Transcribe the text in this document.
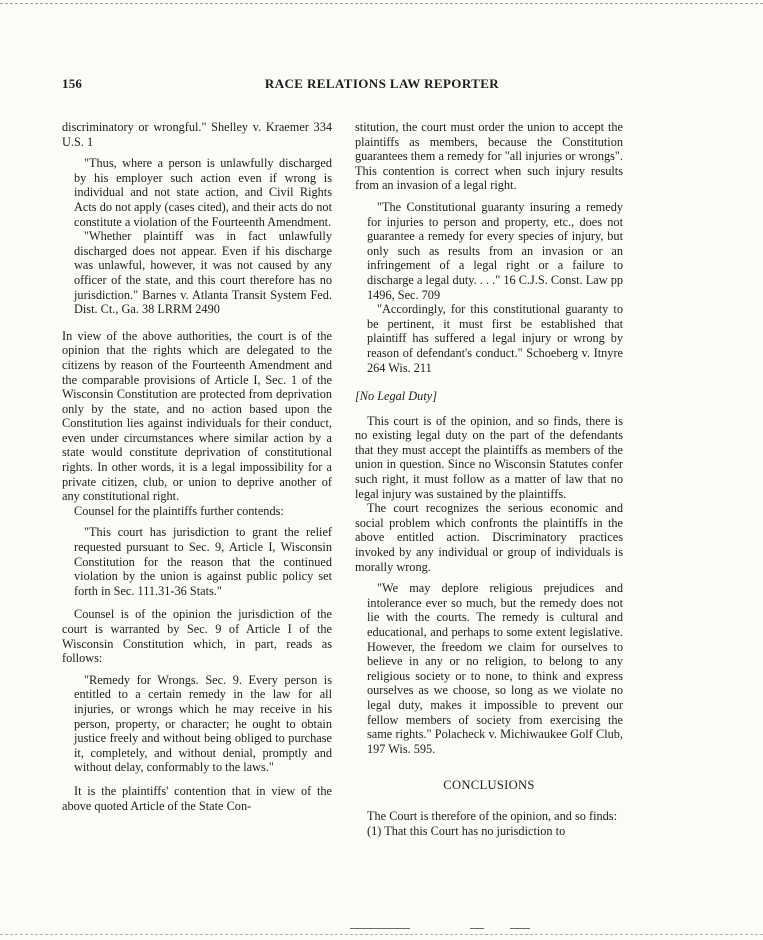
156	RACE RELATIONS LAW REPORTER

discriminatory or wrongful." Shelley v. Kraemer 334 U.S. 1

"Thus, where a person is unlawfully discharged by his employer such action even if wrong is individual and not state action, and Civil Rights Acts do not apply (cases cited), and their acts do not constitute a violation of the Fourteenth Amendment.

"Whether plaintiff was in fact unlawfully discharged does not appear. Even if his discharge was unlawful, however, it was not caused by any officer of the state, and this court therefore has no jurisdiction." Barnes v. Atlanta Transit System Fed. Dist. Ct., Ga. 38 LRRM 2490

In view of the above authorities, the court is of the opinion that the rights which are delegated to the citizens by reason of the Fourteenth Amendment and the comparable provisions of Article I, Sec. 1 of the Wisconsin Constitution are protected from deprivation only by the state, and no action based upon the Constitution lies against individuals for their conduct, even under circumstances where similar action by a state would constitute deprivation of constitutional rights. In other words, it is a legal impossibility for a private citizen, club, or union to deprive another of any constitutional right.

Counsel for the plaintiffs further contends:

"This court has jurisdiction to grant the relief requested pursuant to Sec. 9, Article I, Wisconsin Constitution for the reason that the continued violation by the union is against public policy set forth in Sec. 111.31-36 Stats."

Counsel is of the opinion the jurisdiction of the court is warranted by Sec. 9 of Article I of the Wisconsin Constitution which, in part, reads as follows:

"Remedy for Wrongs. Sec. 9. Every person is entitled to a certain remedy in the law for all injuries, or wrongs which he may receive in his person, property, or character; he ought to obtain justice freely and without being obliged to purchase it, completely, and without denial, promptly and without delay, conformably to the laws."

It is the plaintiffs' contention that in view of the above quoted Article of the State Con-

stitution, the court must order the union to accept the plaintiffs as members, because the Constitution guarantees them a remedy for "all injuries or wrongs". This contention is correct when such injury results from an invasion of a legal right.

"The Constitutional guaranty insuring a remedy for injuries to person and property, etc., does not guarantee a remedy for every species of injury, but only such as results from an invasion or an infringement of a legal right or a failure to discharge a legal duty. . . ." 16 C.J.S. Const. Law pp 1496, Sec. 709

"Accordingly, for this constitutional guaranty to be pertinent, it must first be established that plaintiff has suffered a legal injury or wrong by reason of defendant's conduct." Schoeberg v. Itnyre 264 Wis. 211

[No Legal Duty]

This court is of the opinion, and so finds, there is no existing legal duty on the part of the defendants that they must accept the plaintiffs as members of the union in question. Since no Wisconsin Statutes confer such right, it must follow as a matter of law that no legal injury was sustained by the plaintiffs.

The court recognizes the serious economic and social problem which confronts the plaintiffs in the above entitled action. Discriminatory practices invoked by any individual or group of individuals is morally wrong.

"We may deplore religious prejudices and intolerance ever so much, but the remedy does not lie with the courts. The remedy is cultural and educational, and perhaps to some extent legislative. However, the freedom we claim for ourselves to believe in any or no religion, to belong to any religious society or to none, to think and express ourselves as we choose, so long as we violate no legal duty, makes it impossible to prevent our fellow members of society from exercising the same rights." Polacheck v. Michiwaukee Golf Club, 197 Wis. 595.

CONCLUSIONS

The Court is therefore of the opinion, and so finds:

(1) That this Court has no jurisdiction to
